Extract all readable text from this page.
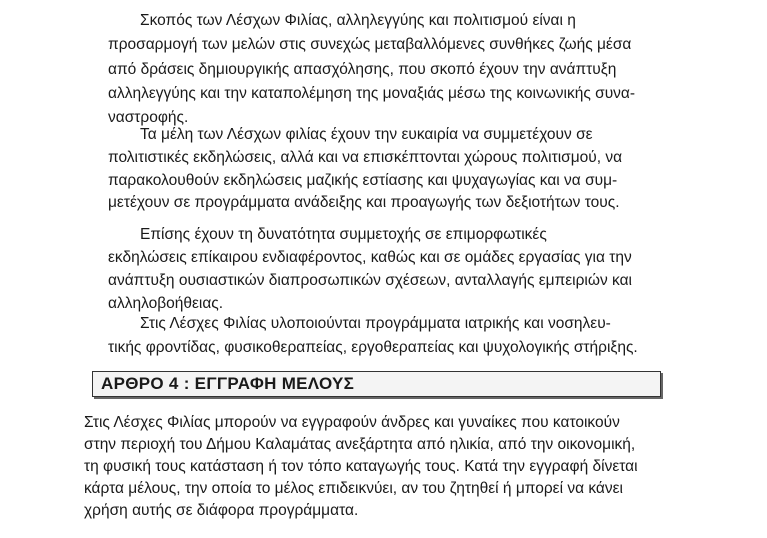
Σκοπός των Λέσχων Φιλίας, αλληλεγγύης και πολιτισμού είναι η
προσαρμογή των μελών στις συνεχώς μεταβαλλόμενες συνθήκες ζωής μέσα
από δράσεις δημιουργικής απασχόλησης, που σκοπό έχουν την ανάπτυξη
αλληλεγγύης και την καταπολέμηση της μοναξιάς μέσω της κοινωνικής συνα-
ναστροφής.
Τα μέλη των Λέσχων φιλίας έχουν την ευκαιρία να συμμετέχουν σε
πολιτιστικές εκδηλώσεις, αλλά και να επισκέπτονται χώρους πολιτισμού, να
παρακολουθούν εκδηλώσεις μαζικής εστίασης και ψυχαγωγίας και να συμ-
μετέχουν σε προγράμματα ανάδειξης και προαγωγής των δεξιοτήτων τους.
Επίσης έχουν τη δυνατότητα συμμετοχής σε επιμορφωτικές
εκδηλώσεις επίκαιρου ενδιαφέροντος, καθώς και σε ομάδες εργασίας για την
ανάπτυξη ουσιαστικών διαπροσωπικών σχέσεων, ανταλλαγής εμπειριών και
αλληλοβοήθειας.
Στις Λέσχες Φιλίας υλοποιούνται προγράμματα ιατρικής και νοσηλευ-
τικής φροντίδας, φυσικοθεραπείας, εργοθεραπείας και ψυχολογικής στήριξης.
ΑΡΘΡΟ 4 : ΕΓΓΡΑΦΗ ΜΕΛΟΥΣ
Στις Λέσχες Φιλίας μπορούν να εγγραφούν άνδρες και γυναίκες που κατοικούν
στην περιοχή του Δήμου Καλαμάτας ανεξάρτητα από ηλικία, από την οικονομική,
τη φυσική τους κατάσταση ή τον τόπο καταγωγής τους. Κατά την εγγραφή δίνεται
κάρτα μέλους, την οποία το μέλος επιδεικνύει, αν του ζητηθεί ή μπορεί να κάνει
χρήση αυτής σε διάφορα προγράμματα.
